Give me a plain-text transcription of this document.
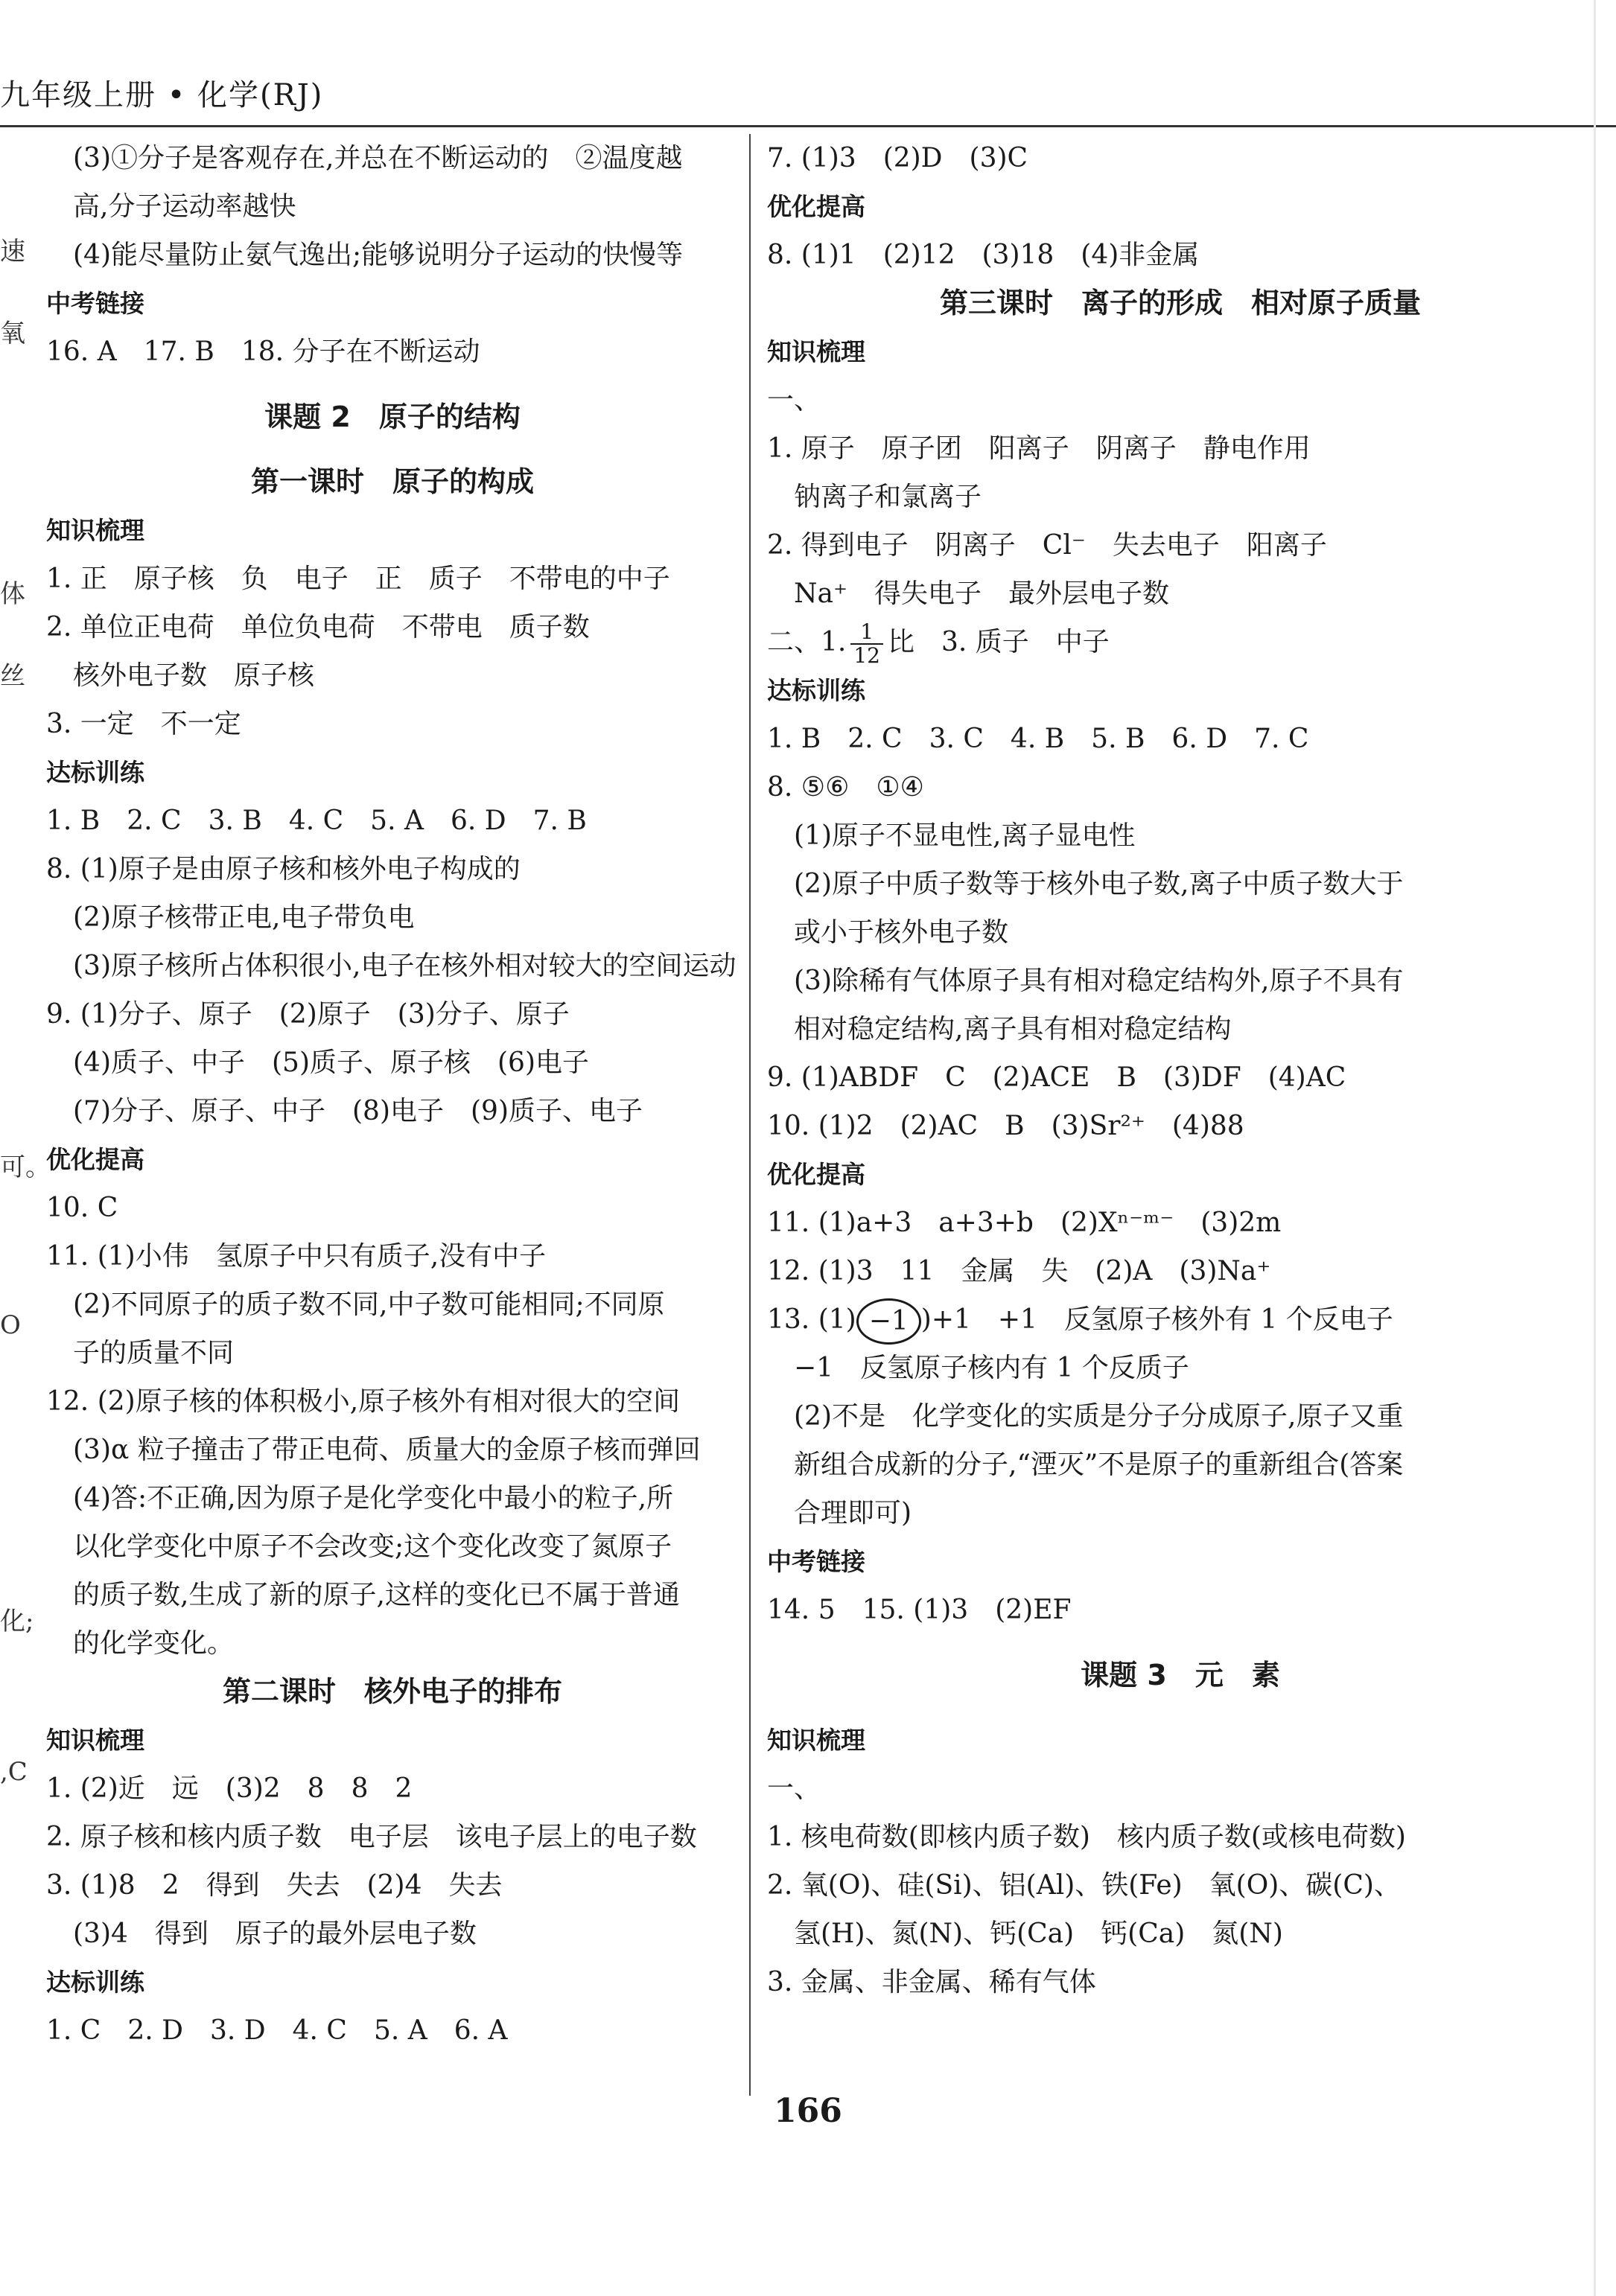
九年级上册 • 化学(RJ)
速
氧
体
丝
可。
O
化;
,C
(3)①分子是客观存在,并总在不断运动的　②温度越
高,分子运动率越快
(4)能尽量防止氨气逸出;能够说明分子运动的快慢等
中考链接
16. A　17. B　18. 分子在不断运动
课题 2　原子的结构
第一课时　原子的构成
知识梳理
1. 正　原子核　负　电子　正　质子　不带电的中子
2. 单位正电荷　单位负电荷　不带电　质子数
核外电子数　原子核
3. 一定　不一定
达标训练
1. B　2. C　3. B　4. C　5. A　6. D　7. B
8. (1)原子是由原子核和核外电子构成的
(2)原子核带正电,电子带负电
(3)原子核所占体积很小,电子在核外相对较大的空间运动
9. (1)分子、原子　(2)原子　(3)分子、原子
(4)质子、中子　(5)质子、原子核　(6)电子
(7)分子、原子、中子　(8)电子　(9)质子、电子
优化提高
10. C
11. (1)小伟　氢原子中只有质子,没有中子
(2)不同原子的质子数不同,中子数可能相同;不同原
子的质量不同
12. (2)原子核的体积极小,原子核外有相对很大的空间
(3)α 粒子撞击了带正电荷、质量大的金原子核而弹回
(4)答:不正确,因为原子是化学变化中最小的粒子,所
以化学变化中原子不会改变;这个变化改变了氮原子
的质子数,生成了新的原子,这样的变化已不属于普通
的化学变化。
第二课时　核外电子的排布
知识梳理
1. (2)近　远　(3)2　8　8　2
2. 原子核和核内质子数　电子层　该电子层上的电子数
3. (1)8　2　得到　失去　(2)4　失去
(3)4　得到　原子的最外层电子数
达标训练
1. C　2. D　3. D　4. C　5. A　6. A
7. (1)3　(2)D　(3)C
优化提高
8. (1)1　(2)12　(3)18　(4)非金属
第三课时　离子的形成　相对原子质量
知识梳理
一、
1. 原子　原子团　阳离子　阴离子　静电作用
钠离子和氯离子
2. 得到电子　阴离子　Cl⁻　失去电子　阳离子
Na⁺　得失电子　最外层电子数
二、1. $\frac{1}{12}$ 比　3. 质子　中子
达标训练
1. B　2. C　3. C　4. B　5. B　6. D　7. C
8. ⑤⑥　①④
(1)原子不显电性,离子显电性
(2)原子中质子数等于核外电子数,离子中质子数大于
或小于核外电子数
(3)除稀有气体原子具有相对稳定结构外,原子不具有
相对稳定结构,离子具有相对稳定结构
9. (1)ABDF　C　(2)ACE　B　(3)DF　(4)AC
10. (1)2　(2)AC　B　(3)Sr²⁺　(4)88
优化提高
11. (1)a+3　a+3+b　(2)Xⁿ⁻ᵐ⁻　(3)2m
12. (1)3　11　金属　失　(2)A　(3)Na⁺
13. (1) −1 )+1　+1　反氢原子核外有 1 个反电子
−1　反氢原子核内有 1 个反质子
(2)不是　化学变化的实质是分子分成原子,原子又重
新组合成新的分子,“湮灭”不是原子的重新组合(答案
合理即可)
中考链接
14. 5　15. (1)3　(2)EF
课题 3　元　素
知识梳理
一、
1. 核电荷数(即核内质子数)　核内质子数(或核电荷数)
2. 氧(O)、硅(Si)、铝(Al)、铁(Fe)　氧(O)、碳(C)、
氢(H)、氮(N)、钙(Ca)　钙(Ca)　氮(N)
3. 金属、非金属、稀有气体
166
